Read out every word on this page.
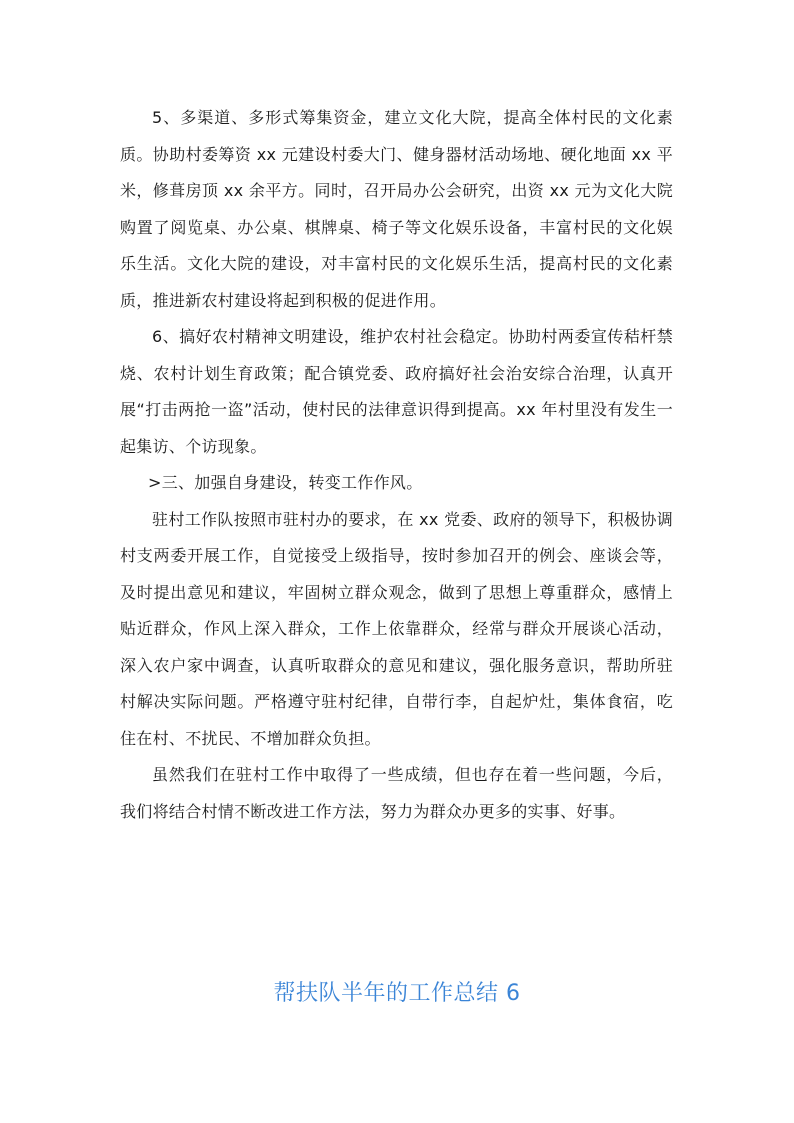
5、多渠道、多形式筹集资金，建立文化大院，提高全体村民的文化素质。协助村委筹资 xx 元建设村委大门、健身器材活动场地、硬化地面 xx 平米，修葺房顶 xx 余平方。同时，召开局办公会研究，出资 xx 元为文化大院购置了阅览桌、办公桌、棋牌桌、椅子等文化娱乐设备，丰富村民的文化娱乐生活。文化大院的建设，对丰富村民的文化娱乐生活，提高村民的文化素质，推进新农村建设将起到积极的促进作用。

6、搞好农村精神文明建设，维护农村社会稳定。协助村两委宣传秸杆禁烧、农村计划生育政策；配合镇党委、政府搞好社会治安综合治理，认真开展“打击两抢一盗”活动，使村民的法律意识得到提高。xx 年村里没有发生一起集访、个访现象。

>三、加强自身建设，转变工作作风。

驻村工作队按照市驻村办的要求，在 xx 党委、政府的领导下，积极协调村支两委开展工作，自觉接受上级指导，按时参加召开的例会、座谈会等，及时提出意见和建议，牢固树立群众观念，做到了思想上尊重群众，感情上贴近群众，作风上深入群众，工作上依靠群众，经常与群众开展谈心活动，深入农户家中调查，认真听取群众的意见和建议，强化服务意识，帮助所驻村解决实际问题。严格遵守驻村纪律，自带行李，自起炉灶，集体食宿，吃住在村、不扰民、不增加群众负担。

虽然我们在驻村工作中取得了一些成绩，但也存在着一些问题，今后，我们将结合村情不断改进工作方法，努力为群众办更多的实事、好事。

帮扶队半年的工作总结 6
